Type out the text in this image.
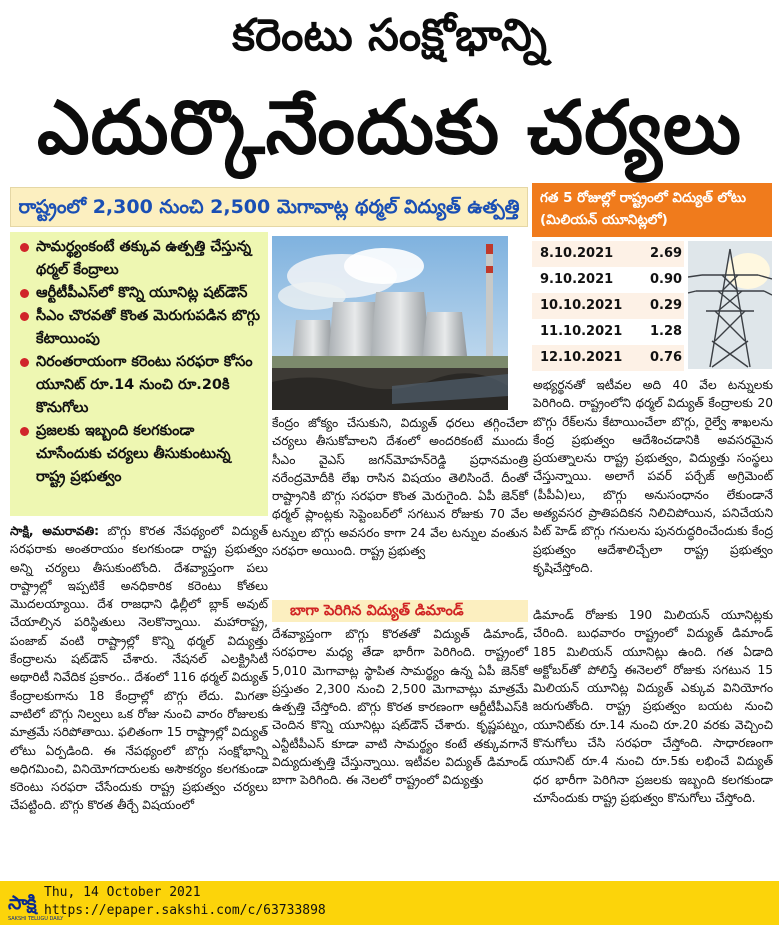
కరెంటు సంక్షోభాన్ని
ఎదుర్కొనేందుకు చర్యలు
రాష్ట్రంలో 2,300 నుంచి 2,500 మెగావాట్ల థర్మల్‌ విద్యుత్‌ ఉత్పత్తి
సామర్థ్యంకంటే తక్కువ ఉత్పత్తి చేస్తున్న థర్మల్‌ కేంద్రాలు
ఆర్టీటీపీఎస్‌లో కొన్ని యూనిట్ల షట్‌డౌన్‌
సీఎం చొరవతో కొంత మెరుగుపడిన బొగ్గు కేటాయింపు
నిరంతరాయంగా కరెంటు సరఫరా కోసం యూనిట్‌ రూ.14 నుంచి రూ.20కి కొనుగోలు
ప్రజలకు ఇబ్బంది కలగకుండా చూసేందుకు చర్యలు తీసుకుంటున్న రాష్ట్ర ప్రభుత్వం
గత 5 రోజుల్లో రాష్ట్రంలో విద్యుత్‌ లోటు (మిలియన్‌ యూనిట్లలో)
8.10.2021	2.69
9.10.2021	0.90
10.10.2021 0.29
11.10.2021 1.28
12.10.2021 0.76
సాక్షి, అమరావతి: బొగ్గు కొరత నేపథ్యంలో విద్యుత్‌ సరఫరాకు అంతరాయం కలగకుండా రాష్ట్ర ప్రభుత్వం అన్ని చర్యలు తీసుకుంటోంది. దేశవ్యాప్తంగా పలు రాష్ట్రాల్లో ఇప్పటికే అనధికారిక కరెంటు కోతలు మొదలయ్యాయి. దేశ రాజధాని ఢిల్లీలో బ్లాక్‌ అవుట్‌ చేయాల్సిన పరిస్థితులు నెలకొన్నాయి. మహారాష్ట్ర, పంజాబ్‌ వంటి రాష్ట్రాల్లో కొన్ని థర్మల్‌ విద్యుత్తు కేంద్రాలను షట్‌డౌన్‌ చేశారు. నేషనల్‌ ఎలక్ట్రిసిటీ అథారిటీ నివేదిక ప్రకారం.. దేశంలో 116 థర్మల్‌ విద్యుత్‌ కేంద్రాలకుగాను 18 కేంద్రాల్లో బొగ్గు లేదు. మిగతా వాటిలో బొగ్గు నిల్వలు ఒక రోజు నుంచి వారం రోజులకు మాత్రమే సరిపోతాయి. ఫలితంగా 15 రాష్ట్రాల్లో విద్యుత్‌ లోటు ఏర్పడింది. ఈ నేపథ్యంలో బొగ్గు సంక్షోభాన్ని అధిగమించి, వినియోగదారులకు అసౌకర్యం కలగకుండా కరెంటు సరఫరా చేసేందుకు రాష్ట్ర ప్రభుత్వం చర్యలు చేపట్టింది. బొగ్గు కొరత తీర్చే విషయంలో
కేంద్రం జోక్యం చేసుకుని, విద్యుత్‌ ధరలు తగ్గించేలా చర్యలు తీసుకోవాలని దేశంలో అందరికంటే ముందు సీఎం వైఎస్‌ జగన్‌మోహన్‌రెడ్డి ప్రధానమంత్రి నరేంద్రమోదీకి లేఖ రాసిన విషయం తెలిసిందే. దీంతో రాష్ట్రానికి బొగ్గు సరఫరా కొంత మెరుగైంది. ఏపీ జెన్‌కో థర్మల్‌ ప్లాంట్లకు సెప్టెంబర్‌లో సగటున రోజుకు 70 వేల టన్నుల బొగ్గు అవసరం కాగా 24 వేల టన్నుల వంతున సరఫరా అయింది. రాష్ట్ర ప్రభుత్వ
అభ్యర్థనతో ఇటీవల అది 40 వేల టన్నులకు పెరిగింది. రాష్ట్రంలోని థర్మల్‌ విద్యుత్‌ కేంద్రాలకు 20 బొగ్గు రేక్‌లను కేటాయించేలా బొగ్గు, రైల్వే శాఖలను కేంద్ర ప్రభుత్వం ఆదేశించడానికి అవసరమైన ప్రయత్నాలను రాష్ట్ర ప్రభుత్వం, విద్యుత్తు సంస్థలు చేస్తున్నాయి. అలాగే పవర్‌ పర్చేజ్‌ అగ్రిమెంట్‌ (పీపీఏ)లు, బొగ్గు అనుసంధానం లేకుండానే అత్యవసర ప్రాతిపదికన నిలిచిపోయిన, పనిచేయని పిట్‌ హెడ్‌ బొగ్గు గనులను పునరుద్ధరించేందుకు కేంద్ర ప్రభుత్వం ఆదేశాలిచ్చేలా రాష్ట్ర ప్రభుత్వం కృషిచేస్తోంది.
బాగా పెరిగిన విద్యుత్‌ డిమాండ్‌
దేశవ్యాప్తంగా బొగ్గు కొరతతో విద్యుత్‌ డిమాండ్‌, సరఫరాల మధ్య తేడా భారీగా పెరిగింది. రాష్ట్రంలో 5,010 మెగావాట్ల స్థాపిత సామర్థ్యం ఉన్న ఏపీ జెన్‌కో ప్రస్తుతం 2,300 నుంచి 2,500 మెగావాట్లు మాత్రమే ఉత్పత్తి చేస్తోంది. బొగ్గు కొరత కారణంగా ఆర్టీటీపీఎస్‌కి చెందిన కొన్ని యూనిట్లు షట్‌డౌన్‌ చేశారు. కృష్ణపట్నం, ఎన్టీటీపీఎస్‌ కూడా వాటి సామర్థ్యం కంటే తక్కువగానే విద్యుదుత్పత్తి చేస్తున్నాయి. ఇటీవల విద్యుత్‌ డిమాండ్‌ బాగా పెరిగింది. ఈ నెలలో రాష్ట్రంలో విద్యుత్తు
డిమాండ్‌ రోజుకు 190 మిలియన్‌ యూనిట్లకు చేరింది. బుధవారం రాష్ట్రంలో విద్యుత్‌ డిమాండ్‌ 185 మిలియన్‌ యూనిట్లు ఉంది. గత ఏడాది అక్టోబర్‌తో పోలిస్తే ఈనెలలో రోజుకు సగటున 15 మిలియన్‌ యూనిట్ల విద్యుత్‌ ఎక్కువ వినియోగం జరుగుతోంది. రాష్ట్ర ప్రభుత్వం బయట నుంచి యూనిట్‌కు రూ.14 నుంచి రూ.20 వరకు వెచ్చించి కొనుగోలు చేసి సరఫరా చేస్తోంది. సాధారణంగా యూనిట్‌ రూ.4 నుంచి రూ.5కు లభించే విద్యుత్‌ ధర భారీగా పెరిగినా ప్రజలకు ఇబ్బంది కలగకుండా చూసేందుకు రాష్ట్ర ప్రభుత్వం కొనుగోలు చేస్తోంది.
సాక్షి
SAKSHI TELUGU DAILY
Thu, 14 October 2021
https://epaper.sakshi.com/c/63733898
